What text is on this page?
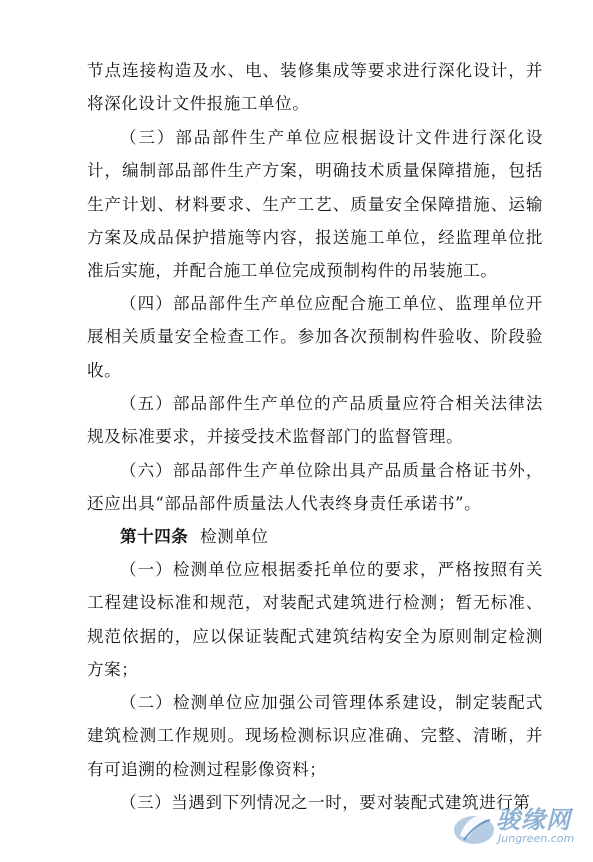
节点连接构造及水、电、装修集成等要求进行深化设计，并将深化设计文件报施工单位。

（三）部品部件生产单位应根据设计文件进行深化设计，编制部品部件生产方案，明确技术质量保障措施，包括生产计划、材料要求、生产工艺、质量安全保障措施、运输方案及成品保护措施等内容，报送施工单位，经监理单位批准后实施，并配合施工单位完成预制构件的吊装施工。

（四）部品部件生产单位应配合施工单位、监理单位开展相关质量安全检查工作。参加各次预制构件验收、阶段验收。

（五）部品部件生产单位的产品质量应符合相关法律法规及标准要求，并接受技术监督部门的监督管理。

（六）部品部件生产单位除出具产品质量合格证书外，还应出具“部品部件质量法人代表终身责任承诺书”。

第十四条 检测单位

（一）检测单位应根据委托单位的要求，严格按照有关工程建设标准和规范，对装配式建筑进行检测；暂无标准、规范依据的，应以保证装配式建筑结构安全为原则制定检测方案；

（二）检测单位应加强公司管理体系建设，制定装配式建筑检测工作规则。现场检测标识应准确、完整、清晰，并有可追溯的检测过程影像资料；

（三）当遇到下列情况之一时，要对装配式建筑进行第

骏缘网
Jungreen.com
